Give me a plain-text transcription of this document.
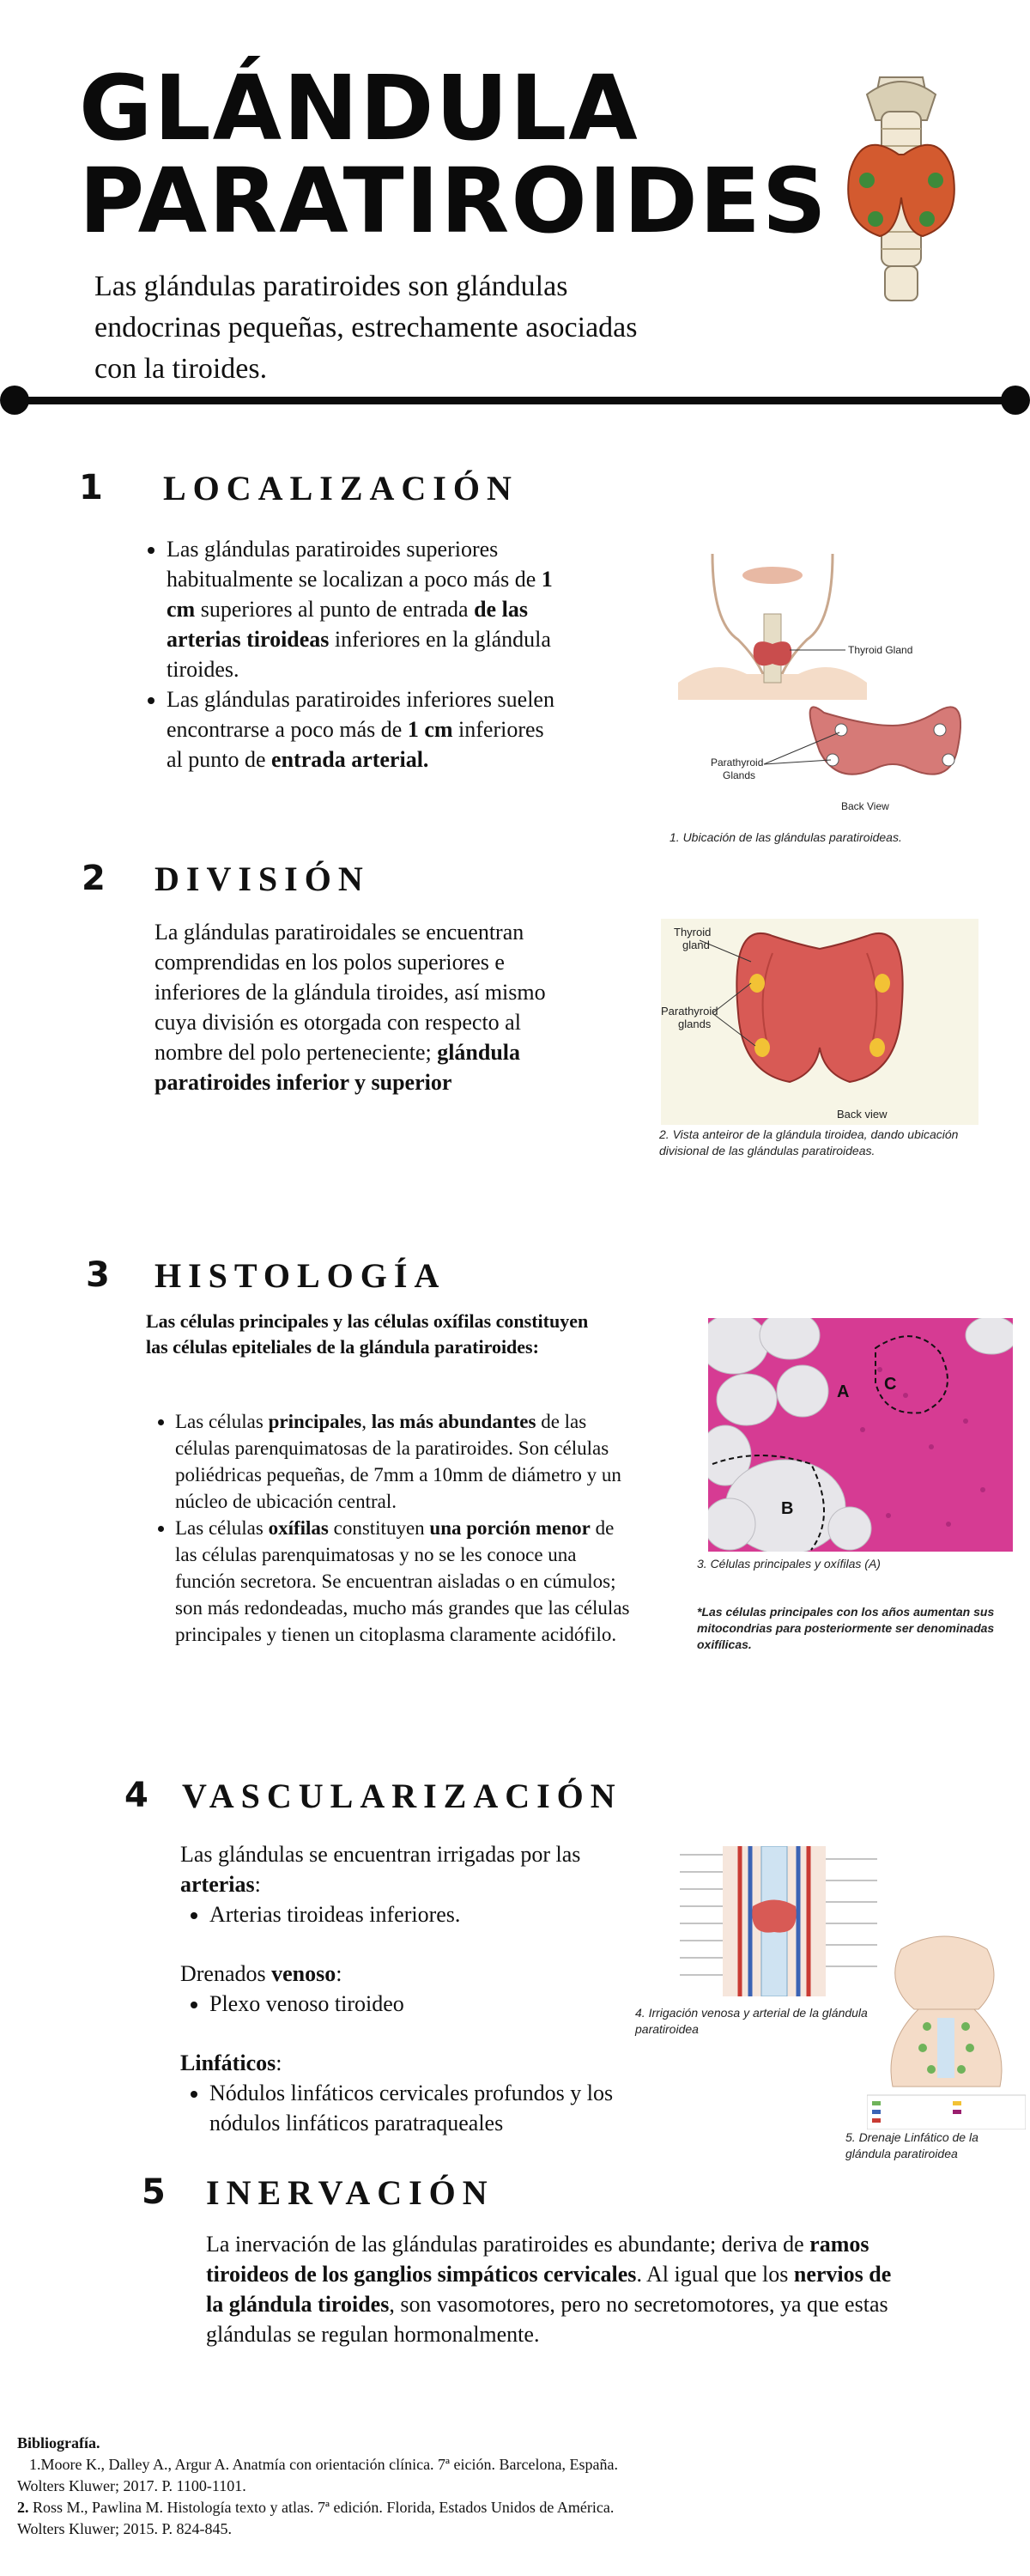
GLÁNDULA
PARATIROIDES
Las glándulas paratiroides son glándulas endocrinas pequeñas, estrechamente asociadas con la tiroides.
1 LOCALIZACIÓN
• Las glándulas paratiroides superiores habitualmente se localizan a poco más de 1 cm superiores al punto de entrada de las arterias tiroideas inferiores en la glándula tiroides.
• Las glándulas paratiroides inferiores suelen encontrarse a poco más de 1 cm inferiores al punto de entrada arterial.
Thyroid Gland
Parathyroid
Glands
Back View
1. Ubicación de las glándulas paratiroideas.
2 DIVISIÓN
La glándulas paratiroidales se encuentran comprendidas en los polos superiores e inferiores de la glándula tiroides, así mismo cuya división es otorgada con respecto al nombre del polo perteneciente; glándula paratiroides inferior y superior
Thyroid
gland
Parathyroid
glands
Back view
2. Vista anteiror de la glándula tiroidea, dando ubicación divisional de las glándulas paratiroideas.
3 HISTOLOGÍA
Las células principales y las células oxífilas constituyen las células epiteliales de la glándula paratiroides:
• Las células principales, las más abundantes de las células parenquimatosas de la paratiroides. Son células poliédricas pequeñas, de 7mm a 10mm de diámetro y un núcleo de ubicación central.
• Las células oxífilas constituyen una porción menor de las células parenquimatosas y no se les conoce una función secretora. Se encuentran aisladas o en cúmulos; son más redondeadas, mucho más grandes que las células principales y tienen un citoplasma claramente acidófilo.
A C
B
3. Células principales y oxífilas (A)
*Las células principales con los años aumentan sus mitocondrias para posteriormente ser denominadas oxifílicas.
4 VASCULARIZACIÓN
Las glándulas se encuentran irrigadas por las arterias:
• Arterias tiroideas inferiores.
Drenados venoso:
• Plexo venoso tiroideo
Linfáticos:
• Nódulos linfáticos cervicales profundos y los nódulos linfáticos paratraqueales
4. Irrigación venosa y arterial de la glándula paratiroidea
5. Drenaje Linfático de la glándula paratiroidea
5 INERVACIÓN
La inervación de las glándulas paratiroides es abundante; deriva de ramos tiroideos de los ganglios simpáticos cervicales. Al igual que los nervios de la glándula tiroides, son vasomotores, pero no secretomotores, ya que estas glándulas se regulan hormonalmente.
Bibliografía.
1.Moore K., Dalley A., Argur A. Anatmía con orientación clínica. 7ª eición. Barcelona, España. Wolters Kluwer; 2017. P. 1100-1101.
2. Ross M., Pawlina M. Histología texto y atlas. 7ª edición. Florida, Estados Unidos de América. Wolters Kluwer; 2015. P. 824-845.
